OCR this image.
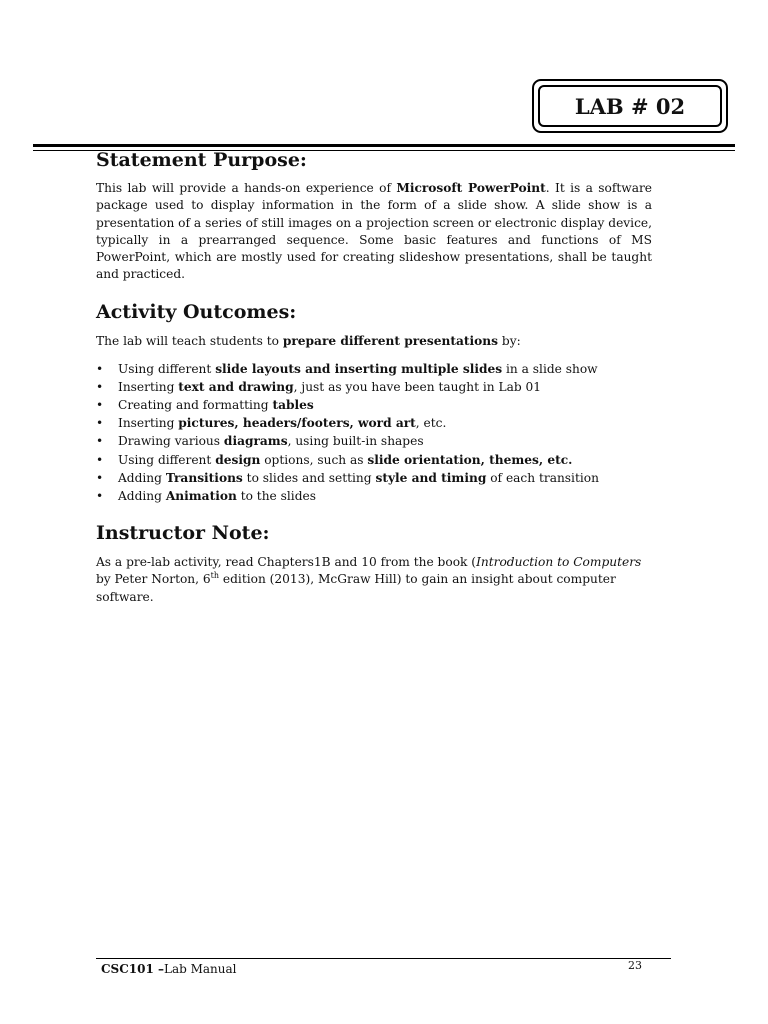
LAB # 02
Statement Purpose:

This lab will provide a hands-on experience of Microsoft PowerPoint. It is a software package used to display information in the form of a slide show. A slide show is a presentation of a series of still images on a projection screen or electronic display device, typically in a prearranged sequence. Some basic features and functions of MS PowerPoint, which are mostly used for creating slideshow presentations, shall be taught and practiced.

Activity Outcomes:

The lab will teach students to prepare different presentations by:

• Using different slide layouts and inserting multiple slides in a slide show
• Inserting text and drawing, just as you have been taught in Lab 01
• Creating and formatting tables
• Inserting pictures, headers/footers, word art, etc.
• Drawing various diagrams, using built-in shapes
• Using different design options, such as slide orientation, themes, etc.
• Adding Transitions to slides and setting style and timing of each transition
• Adding Animation to the slides
Instructor Note:

As a pre-lab activity, read Chapters1B and 10 from the book (Introduction to Computers by Peter Norton, 6th edition (2013), McGraw Hill) to gain an insight about computer software.

CSC101 –Lab Manual	23
